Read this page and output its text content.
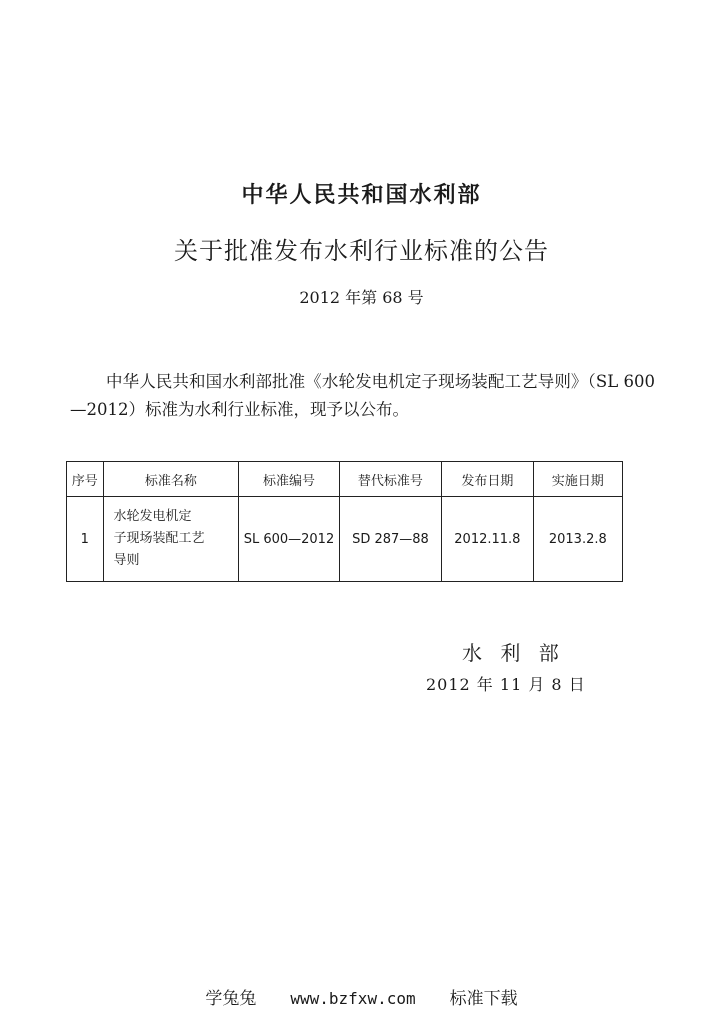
中华人民共和国水利部
关于批准发布水利行业标准的公告
2012 年第 68 号
中华人民共和国水利部批准《水轮发电机定子现场装配工艺导则》（SL 600—2012）标准为水利行业标准，现予以公布。
序号	标准名称	标准编号	替代标准号	发布日期	实施日期
1	水轮发电机定
子现场装配工艺
导则	SL 600—2012	SD 287—88	2012.11.8	2013.2.8
水 利 部
2012 年 11 月 8 日
学兔兔 www.bzfxw.com 标准下载
